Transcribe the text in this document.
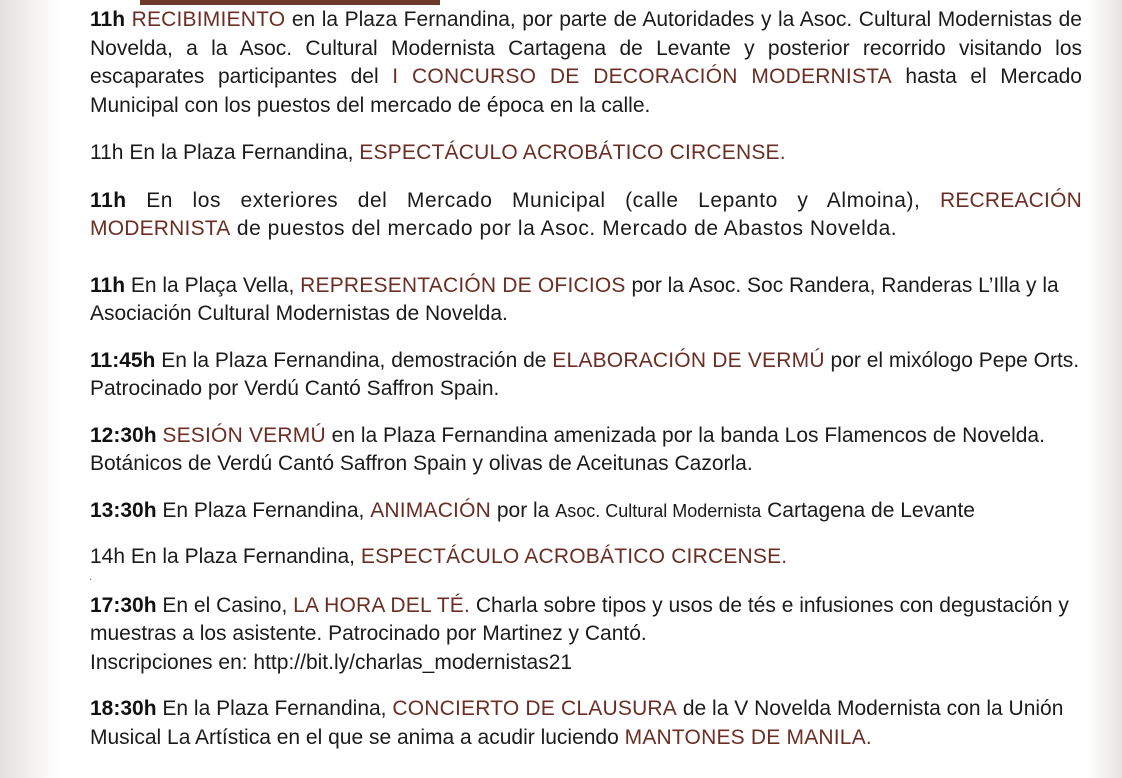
11h RECIBIMIENTO en la Plaza Fernandina, por parte de Autoridades y la Asoc. Cultural Modernistas de Novelda, a la Asoc. Cultural Modernista Cartagena de Levante y posterior recorrido visitando los escaparates participantes del I CONCURSO DE DECORACIÓN MODERNISTA hasta el Mercado Municipal con los puestos del mercado de época en la calle.

11h En la Plaza Fernandina, ESPECTÁCULO ACROBÁTICO CIRCENSE.

11h En los exteriores del Mercado Municipal (calle Lepanto y Almoina), RECREACIÓN MODERNISTA de puestos del mercado por la Asoc. Mercado de Abastos Novelda.

11h En la Plaça Vella, REPRESENTACIÓN DE OFICIOS por la Asoc. Soc Randera, Randeras L’Illa y la Asociación Cultural Modernistas de Novelda.

11:45h En la Plaza Fernandina, demostración de ELABORACIÓN DE VERMÚ por el mixólogo Pepe Orts. Patrocinado por Verdú Cantó Saffron Spain.

12:30h SESIÓN VERMÚ en la Plaza Fernandina amenizada por la banda Los Flamencos de Novelda. Botánicos de Verdú Cantó Saffron Spain y olivas de Aceitunas Cazorla.

13:30h En Plaza Fernandina, ANIMACIÓN por la Asoc. Cultural Modernista Cartagena de Levante

14h En la Plaza Fernandina, ESPECTÁCULO ACROBÁTICO CIRCENSE.

17:30h En el Casino, LA HORA DEL TÉ. Charla sobre tipos y usos de tés e infusiones con degustación y muestras a los asistente. Patrocinado por Martinez y Cantó.
Inscripciones en: http://bit.ly/charlas_modernistas21

18:30h En la Plaza Fernandina, CONCIERTO DE CLAUSURA de la V Novelda Modernista con la Unión Musical La Artística en el que se anima a acudir luciendo MANTONES DE MANILA.

.
